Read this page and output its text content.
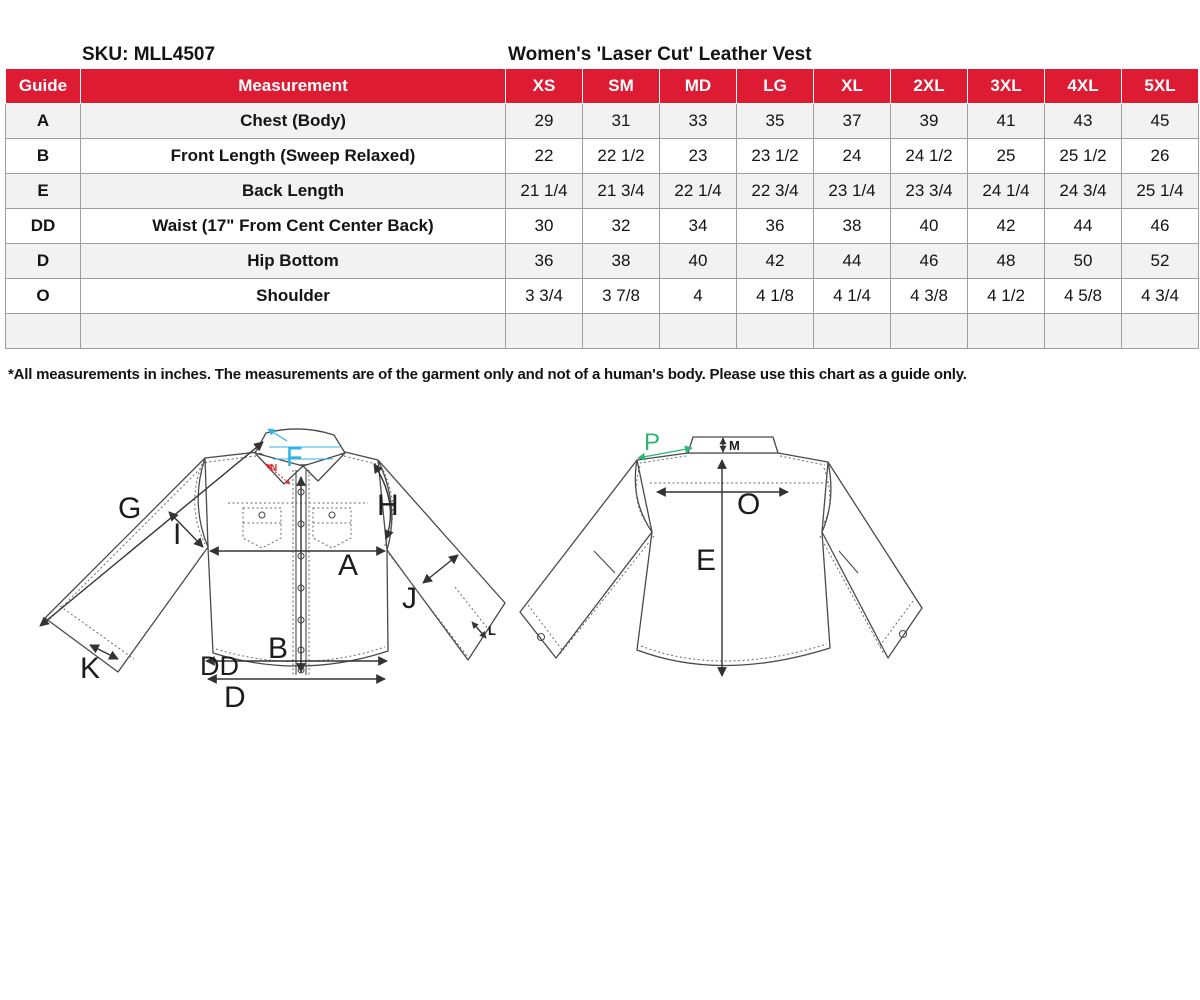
SKU: MLL4507	Women's 'Laser Cut' Leather Vest
Guide	Measurement	XS	SM	MD	LG	XL	2XL	3XL	4XL	5XL
A	Chest (Body)	29	31	33	35	37	39	41	43	45
B	Front Length (Sweep Relaxed)	22	22 1/2	23	23 1/2	24	24 1/2	25	25 1/2	26
E	Back Length	21 1/4	21 3/4	22 1/4	22 3/4	23 1/4	23 3/4	24 1/4	24 3/4	25 1/4
DD	Waist (17" From Cent Center Back)	30	32	34	36	38	40	42	44	46
D	Hip Bottom	36	38	40	42	44	46	48	50	52
O	Shoulder	3 3/4	3 7/8	4	4 1/8	4 1/4	4 3/8	4 1/2	4 5/8	4 3/4

*All measurements in inches. The measurements are of the garment only and not of a human's body. Please use this chart as a guide only.
G
I
H
A
J
B
K	DD
D
L
F
N
P	M
O
E
